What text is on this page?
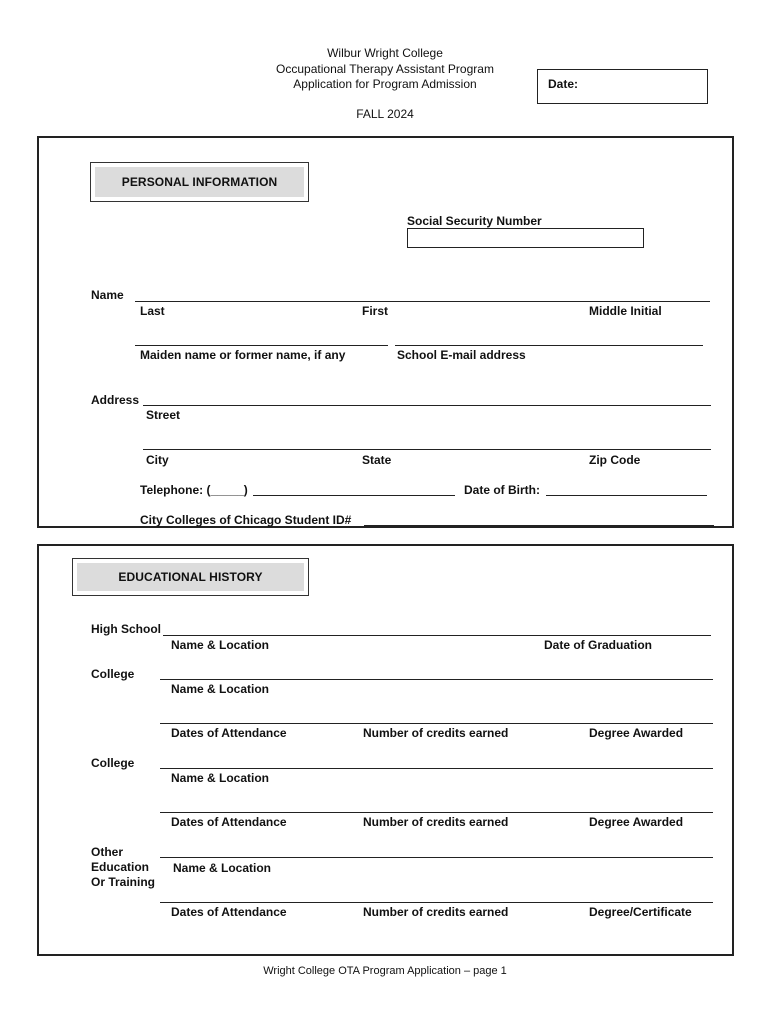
Wilbur Wright College
Occupational Therapy Assistant Program
Application for Program Admission
FALL 2024
Date:
PERSONAL INFORMATION
Social Security Number
Name
Last	First	Middle Initial
Maiden name or former name, if any	School E-mail address
Address
Street
City	State	Zip Code
Telephone: (_____)	Date of Birth:
City Colleges of Chicago Student ID#
EDUCATIONAL HISTORY
High School
Name & Location	Date of Graduation
College
Name & Location
Dates of Attendance	Number of credits earned	Degree Awarded
College
Name & Location
Dates of Attendance	Number of credits earned	Degree Awarded
Other
Education
Or Training
Name & Location
Dates of Attendance	Number of credits earned	Degree/Certificate
Wright College OTA Program Application – page 1
